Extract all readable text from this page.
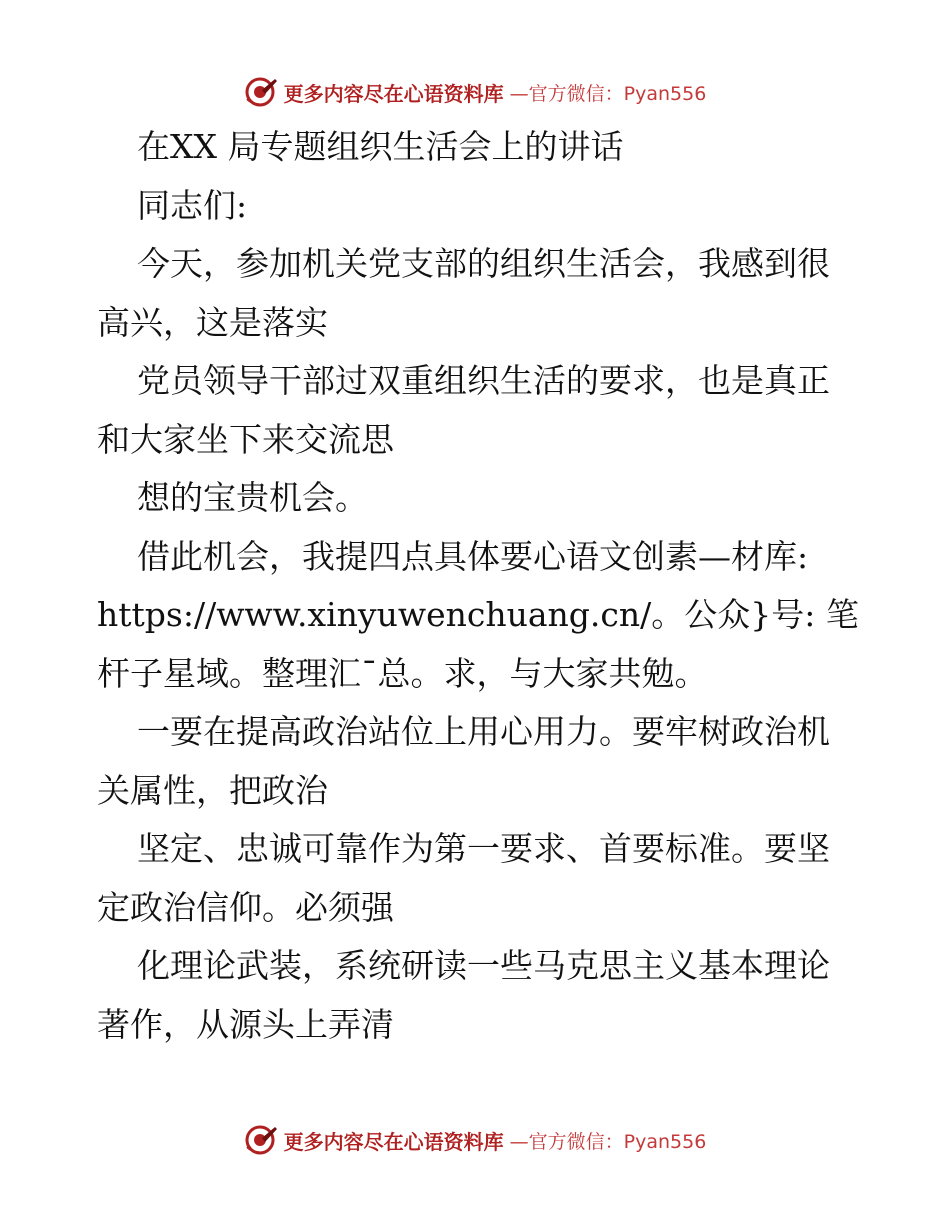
更多内容尽在心语资料库 —官方微信：Pyan556

在XX 局专题组织生活会上的讲话

同志们:

今天，参加机关党支部的组织生活会，我感到很

高兴，这是落实

党员领导干部过双重组织生活的要求，也是真正

和大家坐下来交流思

想的宝贵机会。

借此机会，我提四点具体要心语文创素—材库:

https://www.xinyuwenchuang.cn/。公众}号: 笔

杆子星域。整理汇¯总。求，与大家共勉。

一要在提高政治站位上用心用力。要牢树政治机

关属性，把政治

坚定、忠诚可靠作为第一要求、首要标准。要坚

定政治信仰。必须强

化理论武装，系统研读一些马克思主义基本理论

著作，从源头上弄清

更多内容尽在心语资料库 —官方微信：Pyan556
